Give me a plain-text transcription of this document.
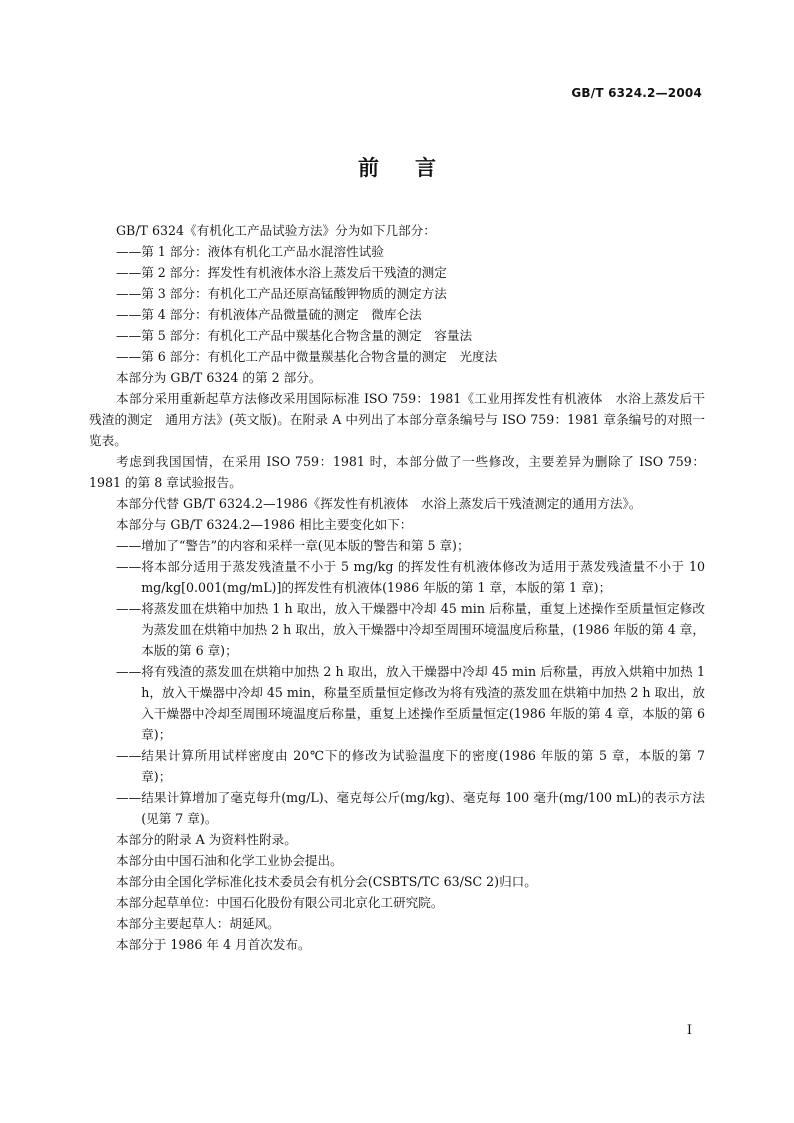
GB/T 6324.2—2004
前言

GB/T 6324《有机化工产品试验方法》分为如下几部分：

—— 第 1 部分：液体有机化工产品水混溶性试验
—— 第 2 部分：挥发性有机液体水浴上蒸发后干残渣的测定
—— 第 3 部分：有机化工产品还原高锰酸钾物质的测定方法
—— 第 4 部分：有机液体产品微量硫的测定　微库仑法
—— 第 5 部分：有机化工产品中羰基化合物含量的测定　容量法
—— 第 6 部分：有机化工产品中微量羰基化合物含量的测定　光度法

本部分为 GB/T 6324 的第 2 部分。

本部分采用重新起草方法修改采用国际标准 ISO 759：1981《工业用挥发性有机液体　水浴上蒸发后干残渣的测定　通用方法》(英文版)。在附录 A 中列出了本部分章条编号与 ISO 759：1981 章条编号的对照一览表。

考虑到我国国情，在采用 ISO 759：1981 时，本部分做了一些修改，主要差异为删除了 ISO 759：1981 的第 8 章试验报告。

本部分代替 GB/T 6324.2—1986《挥发性有机液体　水浴上蒸发后干残渣测定的通用方法》。

本部分与 GB/T 6324.2—1986 相比主要变化如下：

—— 增加了“警告”的内容和采样一章(见本版的警告和第 5 章)；
—— 将本部分适用于蒸发残渣量不小于 5 mg/kg 的挥发性有机液体修改为适用于蒸发残渣量不小于 10 mg/kg[0.001(mg/mL)]的挥发性有机液体(1986 年版的第 1 章，本版的第 1 章)；
—— 将蒸发皿在烘箱中加热 1 h 取出，放入干燥器中冷却 45 min 后称量，重复上述操作至质量恒定修改为蒸发皿在烘箱中加热 2 h 取出，放入干燥器中冷却至周围环境温度后称量，(1986 年版的第 4 章，本版的第 6 章)；
—— 将有残渣的蒸发皿在烘箱中加热 2 h 取出，放入干燥器中冷却 45 min 后称量，再放入烘箱中加热 1 h，放入干燥器中冷却 45 min，称量至质量恒定修改为将有残渣的蒸发皿在烘箱中加热 2 h 取出，放入干燥器中冷却至周围环境温度后称量，重复上述操作至质量恒定(1986 年版的第 4 章，本版的第 6 章)；
—— 结果计算所用试样密度由 20℃下的修改为试验温度下的密度(1986 年版的第 5 章，本版的第 7 章)；
—— 结果计算增加了毫克每升(mg/L)、毫克每公斤(mg/kg)、毫克每 100 毫升(mg/100 mL)的表示方法(见第 7 章)。

本部分的附录 A 为资料性附录。

本部分由中国石油和化学工业协会提出。

本部分由全国化学标准化技术委员会有机分会(CSBTS/TC 63/SC 2)归口。

本部分起草单位：中国石化股份有限公司北京化工研究院。

本部分主要起草人：胡延风。

本部分于 1986 年 4 月首次发布。

I
